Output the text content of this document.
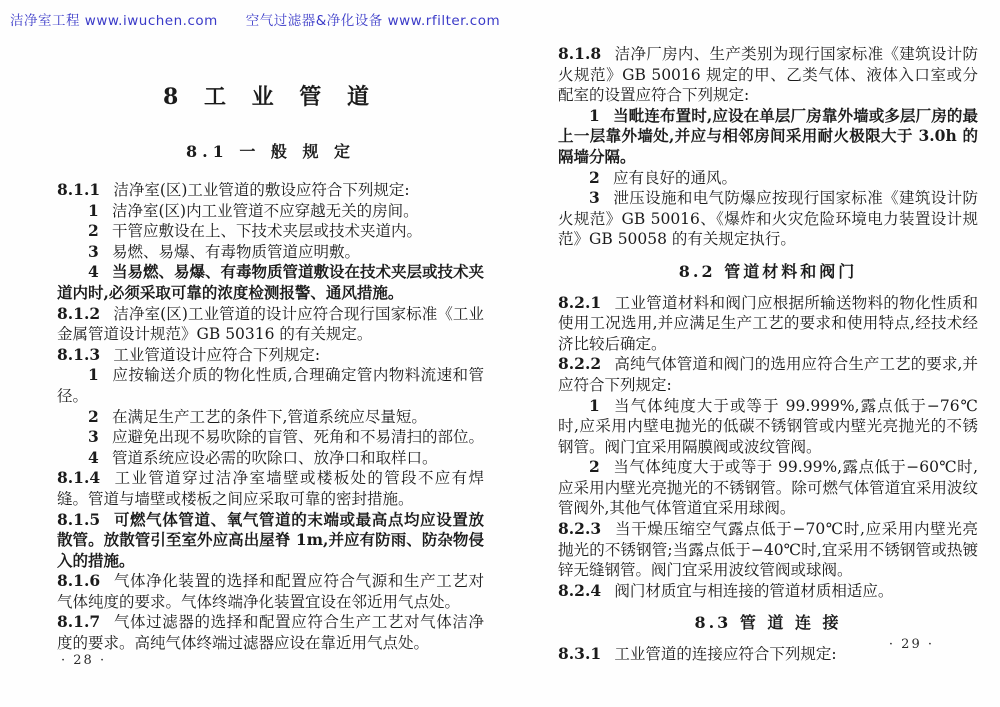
洁净室工程 www.iwuchen.com 空气过滤器&净化设备 www.rfilter.com
8 工 业 管 道
8.1 一 般 规 定

8.1.1 洁净室(区)工业管道的敷设应符合下列规定:

1 洁净室(区)内工业管道不应穿越无关的房间。

2 干管应敷设在上、下技术夹层或技术夹道内。

3 易燃、易爆、有毒物质管道应明敷。

4 当易燃、易爆、有毒物质管道敷设在技术夹层或技术夹道内时,必须采取可靠的浓度检测报警、通风措施。

8.1.2 洁净室(区)工业管道的设计应符合现行国家标准《工业金属管道设计规范》GB 50316 的有关规定。

8.1.3 工业管道设计应符合下列规定:

1 应按输送介质的物化性质,合理确定管内物料流速和管径。

2 在满足生产工艺的条件下,管道系统应尽量短。

3 应避免出现不易吹除的盲管、死角和不易清扫的部位。

4 管道系统应设必需的吹除口、放净口和取样口。

8.1.4 工业管道穿过洁净室墙壁或楼板处的管段不应有焊缝。管道与墙壁或楼板之间应采取可靠的密封措施。

8.1.5 可燃气体管道、氧气管道的末端或最高点均应设置放散管。放散管引至室外应高出屋脊 1m,并应有防雨、防杂物侵入的措施。

8.1.6 气体净化装置的选择和配置应符合气源和生产工艺对气体纯度的要求。气体终端净化装置宜设在邻近用气点处。

8.1.7 气体过滤器的选择和配置应符合生产工艺对气体洁净度的要求。高纯气体终端过滤器应设在靠近用气点处。

· 28 ·

8.1.8 洁净厂房内、生产类别为现行国家标准《建筑设计防火规范》GB 50016 规定的甲、乙类气体、液体入口室或分配室的设置应符合下列规定:

1 当毗连布置时,应设在单层厂房靠外墙或多层厂房的最上一层靠外墙处,并应与相邻房间采用耐火极限大于 3.0h 的隔墙分隔。

2 应有良好的通风。

3 泄压设施和电气防爆应按现行国家标准《建筑设计防火规范》GB 50016、《爆炸和火灾危险环境电力装置设计规范》GB 50058 的有关规定执行。

8.2 管道材料和阀门

8.2.1 工业管道材料和阀门应根据所输送物料的物化性质和使用工况选用,并应满足生产工艺的要求和使用特点,经技术经济比较后确定。

8.2.2 高纯气体管道和阀门的选用应符合生产工艺的要求,并应符合下列规定:

1 当气体纯度大于或等于 99.999%,露点低于−76℃时,应采用内壁电抛光的低碳不锈钢管或内壁光亮抛光的不锈钢管。阀门宜采用隔膜阀或波纹管阀。

2 当气体纯度大于或等于 99.99%,露点低于−60℃时,应采用内壁光亮抛光的不锈钢管。除可燃气体管道宜采用波纹管阀外,其他气体管道宜采用球阀。

8.2.3 当干燥压缩空气露点低于−70℃时,应采用内壁光亮抛光的不锈钢管;当露点低于−40℃时,宜采用不锈钢管或热镀锌无缝钢管。阀门宜采用波纹管阀或球阀。

8.2.4 阀门材质宜与相连接的管道材质相适应。

8.3 管 道 连 接

8.3.1 工业管道的连接应符合下列规定:

· 29 ·
